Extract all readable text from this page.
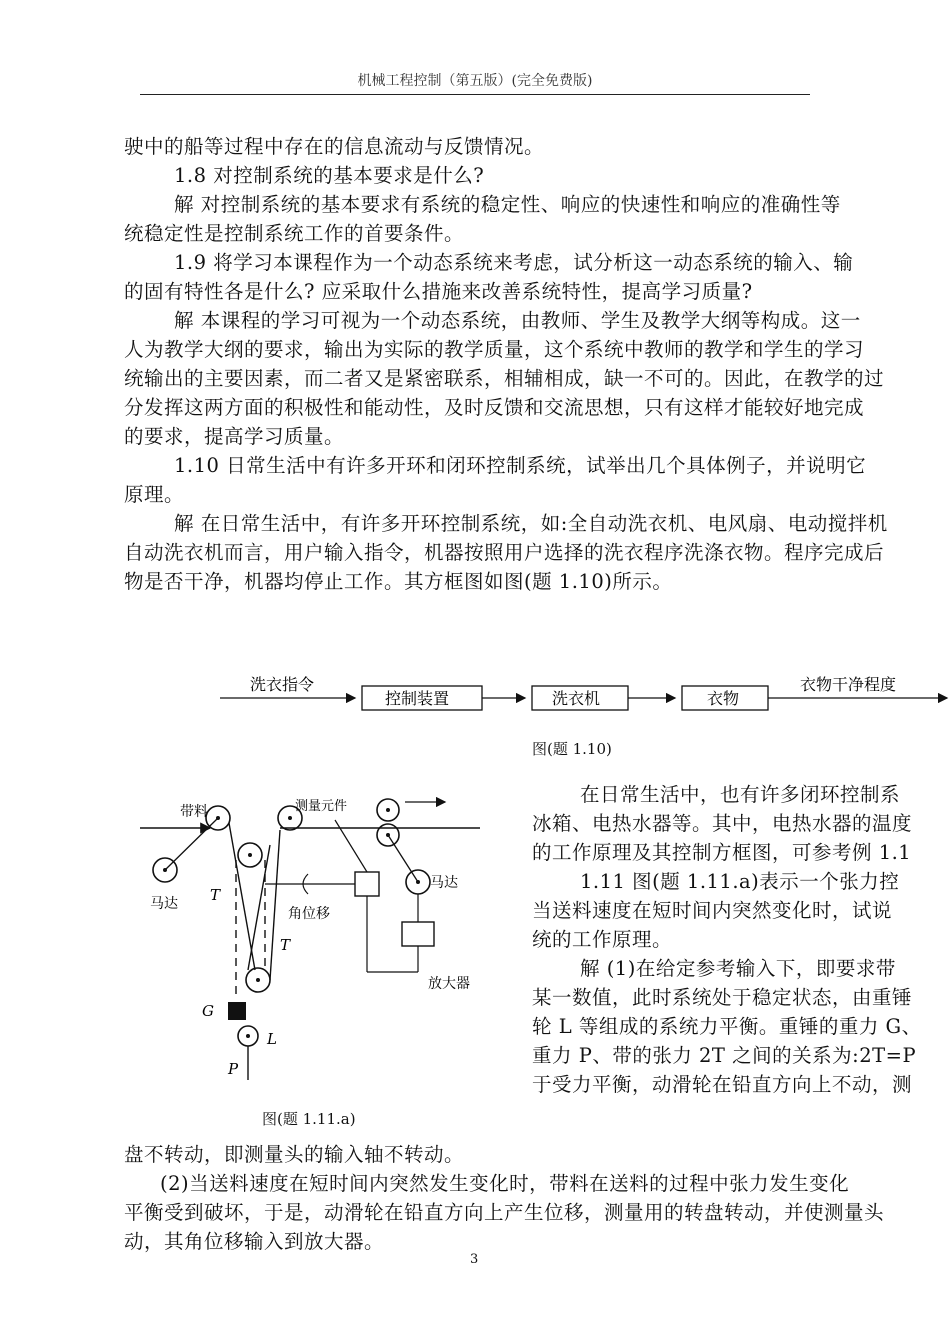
机械工程控制（第五版）(完全免费版)
驶中的船等过程中存在的信息流动与反馈情况。
1.8 对控制系统的基本要求是什么?
解 对控制系统的基本要求有系统的稳定性、响应的快速性和响应的准确性等
统稳定性是控制系统工作的首要条件。
1.9 将学习本课程作为一个动态系统来考虑，试分析这一动态系统的输入、输
的固有特性各是什么? 应采取什么措施来改善系统特性，提高学习质量?
解 本课程的学习可视为一个动态系统，由教师、学生及教学大纲等构成。这一
人为教学大纲的要求，输出为实际的教学质量，这个系统中教师的教学和学生的学习
统输出的主要因素，而二者又是紧密联系，相辅相成，缺一不可的。因此，在教学的过
分发挥这两方面的积极性和能动性，及时反馈和交流思想，只有这样才能较好地完成
的要求，提高学习质量。
1.10 日常生活中有许多开环和闭环控制系统，试举出几个具体例子，并说明它
原理。
解 在日常生活中，有许多开环控制系统，如:全自动洗衣机、电风扇、电动搅拌机
自动洗衣机而言，用户输入指令，机器按照用户选择的洗衣程序洗涤衣物。程序完成后
物是否干净，机器均停止工作。其方框图如图(题 1.10)所示。
洗衣指令
控制装置	洗衣机	衣物
衣物干净程度
图(题 1.10)
带料
马达 T
T
G
L
P
测量元件
角位移
马达
放大器
图(题 1.11.a)
在日常生活中，也有许多闭环控制系
冰箱、电热水器等。其中，电热水器的温度
的工作原理及其控制方框图，可参考例 1.1
1.11 图(题 1.11.a)表示一个张力控
当送料速度在短时间内突然变化时，试说
统的工作原理。
解 (1)在给定参考输入下，即要求带
某一数值，此时系统处于稳定状态，由重锤
轮 L 等组成的系统力平衡。重锤的重力 G、
重力 P、带的张力 2T 之间的关系为:2T=P
于受力平衡，动滑轮在铅直方向上不动，测
盘不转动，即测量头的输入轴不转动。
(2)当送料速度在短时间内突然发生变化时，带料在送料的过程中张力发生变化
平衡受到破坏，于是，动滑轮在铅直方向上产生位移，测量用的转盘转动，并使测量头
动，其角位移输入到放大器。
3
